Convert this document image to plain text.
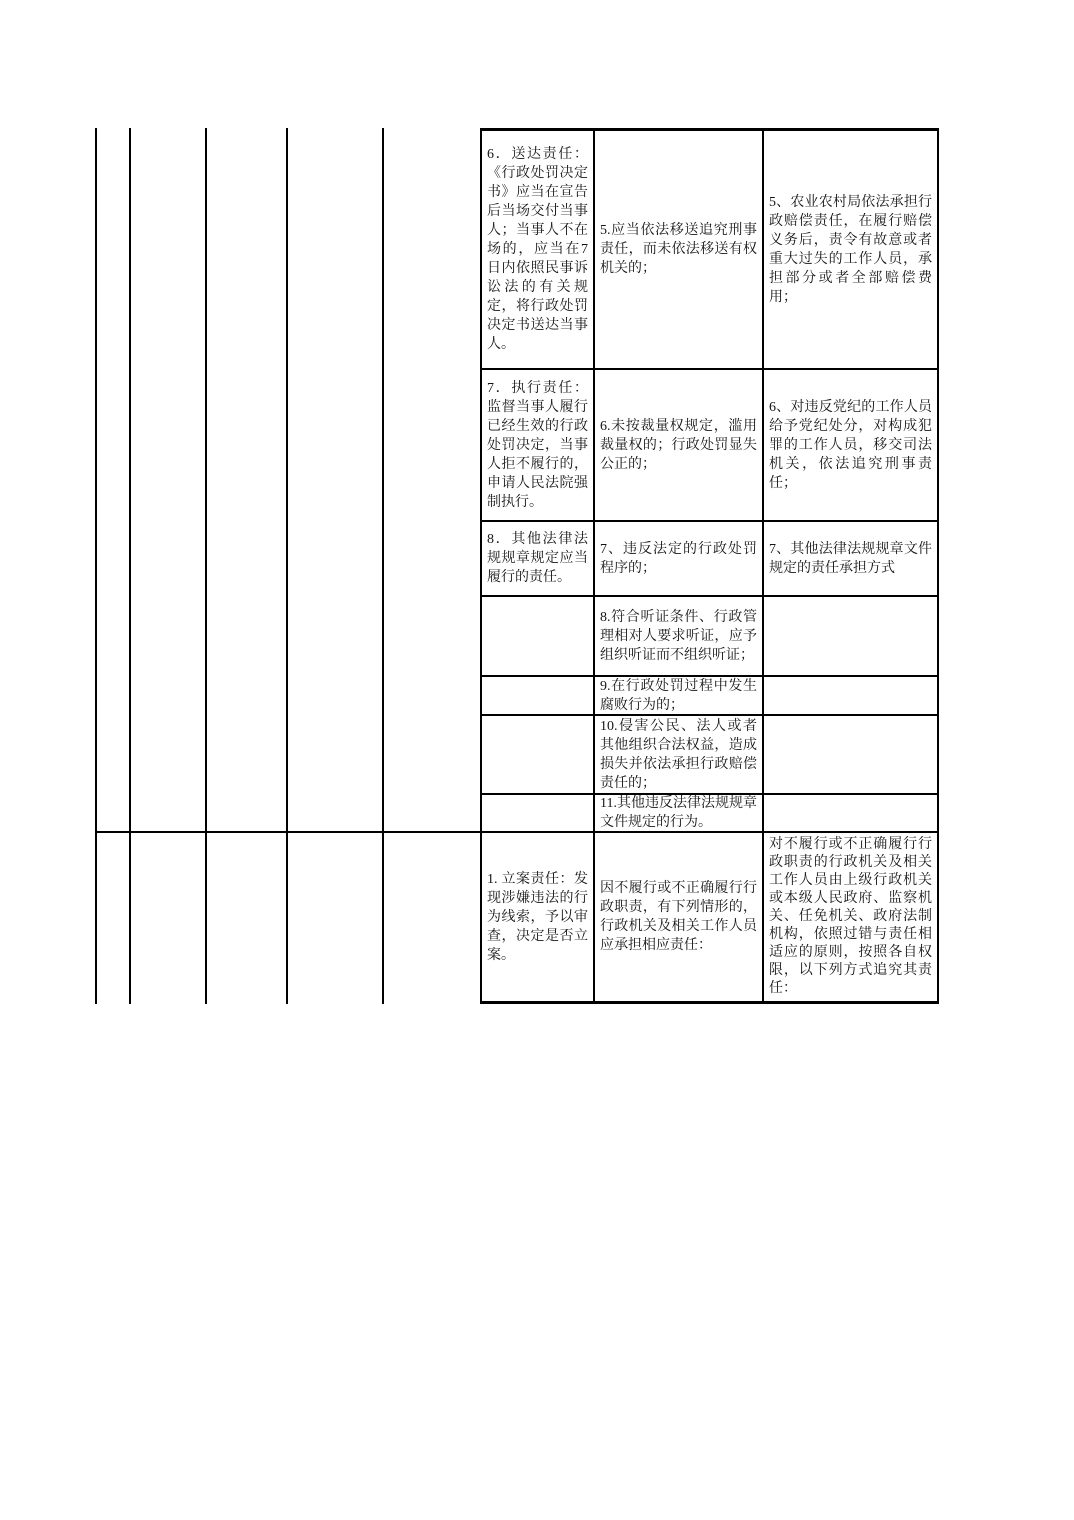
6．送达责任：《行政处罚决定书》应当在宣告后当场交付当事人；当事人不在场的，应当在7日内依照民事诉讼法的有关规定，将行政处罚决定书送达当事人。
7．执行责任：监督当事人履行已经生效的行政处罚决定，当事人拒不履行的，申请人民法院强制执行。
8．其他法律法规规章规定应当履行的责任。
1. 立案责任：发现涉嫌违法的行为线索，予以审查，决定是否立案。
5.应当依法移送追究刑事责任，而未依法移送有权机关的；
6.未按裁量权规定，滥用裁量权的；行政处罚显失公正的；
7、违反法定的行政处罚程序的；
8.符合听证条件、行政管理相对人要求听证，应予组织听证而不组织听证；
9.在行政处罚过程中发生腐败行为的；
10.侵害公民、法人或者其他组织合法权益，造成损失并依法承担行政赔偿责任的；
11.其他违反法律法规规章文件规定的行为。
因不履行或不正确履行行政职责，有下列情形的，行政机关及相关工作人员应承担相应责任：
5、农业农村局依法承担行政赔偿责任，在履行赔偿义务后，责令有故意或者重大过失的工作人员，承担部分或者全部赔偿费用；
6、对违反党纪的工作人员给予党纪处分，对构成犯罪的工作人员，移交司法机关，依法追究刑事责任；
7、其他法律法规规章文件规定的责任承担方式
对不履行或不正确履行行政职责的行政机关及相关工作人员由上级行政机关或本级人民政府、监察机关、任免机关、政府法制机构，依照过错与责任相适应的原则，按照各自权限，以下列方式追究其责任：
